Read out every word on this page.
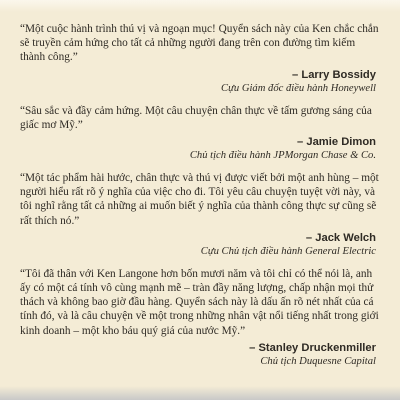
“Một cuộc hành trình thú vị và ngoạn mục! Quyển sách này của Ken chắc chắn sẽ truyền cảm hứng cho tất cả những người đang trên con đường tìm kiếm thành công.”

– Larry Bossidy
Cựu Giám đốc điều hành Honeywell

“Sâu sắc và đầy cảm hứng. Một câu chuyện chân thực về tấm gương sáng của giấc mơ Mỹ.”

– Jamie Dimon
Chủ tịch điều hành JPMorgan Chase & Co.

“Một tác phẩm hài hước, chân thực và thú vị được viết bởi một anh hùng – một người hiểu rất rõ ý nghĩa của việc cho đi. Tôi yêu câu chuyện tuyệt vời này, và tôi nghĩ rằng tất cả những ai muốn biết ý nghĩa của thành công thực sự cũng sẽ rất thích nó.”

– Jack Welch
Cựu Chủ tịch điều hành General Electric

“Tôi đã thân với Ken Langone hơn bốn mươi năm và tôi chỉ có thể nói là, anh ấy có một cá tính vô cùng mạnh mẽ – tràn đầy năng lượng, chấp nhận mọi thử thách và không bao giờ đầu hàng. Quyển sách này là dấu ấn rõ nét nhất của cá tính đó, và là câu chuyện về một trong những nhân vật nổi tiếng nhất trong giới kinh doanh – một kho báu quý giá của nước Mỹ.”

– Stanley Druckenmiller
Chủ tịch Duquesne Capital
